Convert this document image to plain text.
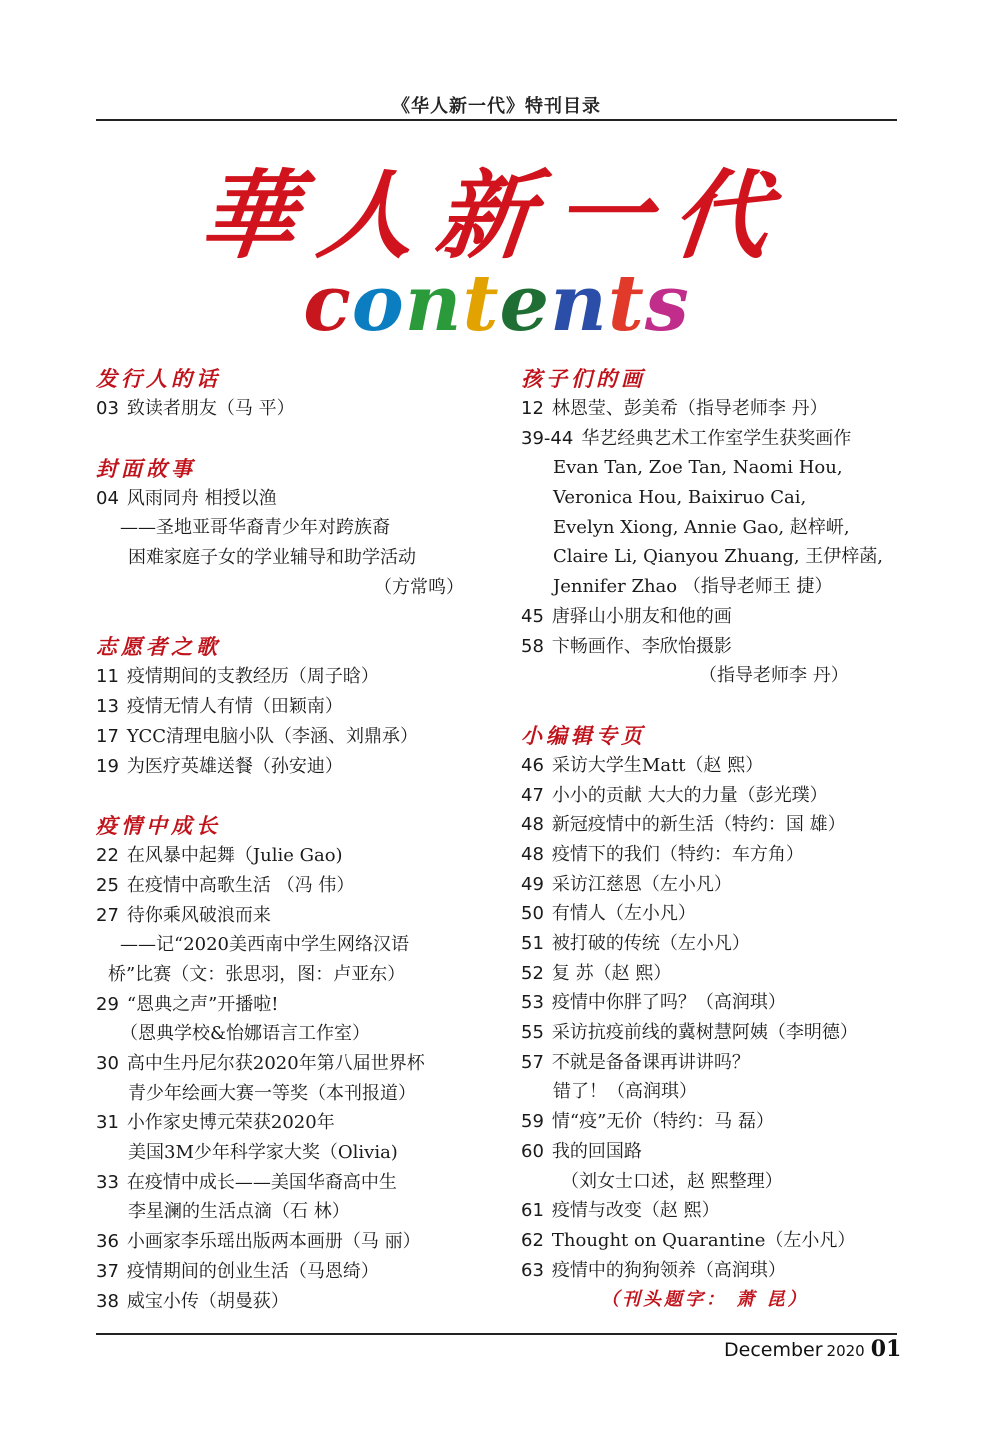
《华人新一代》特刊目录
華人新一代
contents
发行人的话
03 致读者朋友（马 平）
封面故事
04 风雨同舟 相授以渔
——圣地亚哥华裔青少年对跨族裔
困难家庭子女的学业辅导和助学活动
（方常鸣）
志愿者之歌
11 疫情期间的支教经历（周子晗）
13 疫情无情人有情（田颖南）
17 YCC清理电脑小队（李涵、刘鼎承）
19 为医疗英雄送餐（孙安迪）
疫情中成长
22 在风暴中起舞（Julie Gao)
25 在疫情中高歌生活 （冯 伟）
27 待你乘风破浪而来
——记“2020美西南中学生网络汉语
桥”比赛（文：张思羽，图：卢亚东）
29 “恩典之声”开播啦!
（恩典学校&怡娜语言工作室）
30 高中生丹尼尔获2020年第八届世界杯
青少年绘画大赛一等奖（本刊报道）
31 小作家史博元荣获2020年
美国3M少年科学家大奖（Olivia)
33 在疫情中成长——美国华裔高中生
李星澜的生活点滴（石 林）
36 小画家李乐瑶出版两本画册（马 丽）
37 疫情期间的创业生活（马恩绮）
38 威宝小传（胡曼荻）
孩子们的画
12 林恩莹、彭美希（指导老师李 丹）
39-44 华艺经典艺术工作室学生获奖画作
Evan Tan, Zoe Tan, Naomi Hou,
Veronica Hou, Baixiruo Cai,
Evelyn Xiong, Annie Gao, 赵梓岍,
Claire Li, Qianyou Zhuang, 王伊梓菡,
Jennifer Zhao （指导老师王 捷）
45 唐驿山小朋友和他的画
58 卞畅画作、李欣怡摄影
（指导老师李 丹）
小编辑专页
46 采访大学生Matt（赵 熙）
47 小小的贡献 大大的力量（彭光璞）
48 新冠疫情中的新生活（特约：国 雄）
48 疫情下的我们（特约：车方角）
49 采访江慈恩（左小凡）
50 有情人（左小凡）
51 被打破的传统（左小凡）
52 复 苏（赵 熙）
53 疫情中你胖了吗？（高润琪）
55 采访抗疫前线的冀树慧阿姨（李明德）
57 不就是备备课再讲讲吗？
错了！（高润琪）
59 情“疫”无价（特约：马 磊）
60 我的回国路
（刘女士口述，赵 熙整理）
61 疫情与改变（赵 熙）
62 Thought on Quarantine（左小凡）
63 疫情中的狗狗领养（高润琪）
（刊头题字： 萧 昆）
December 2020 01
